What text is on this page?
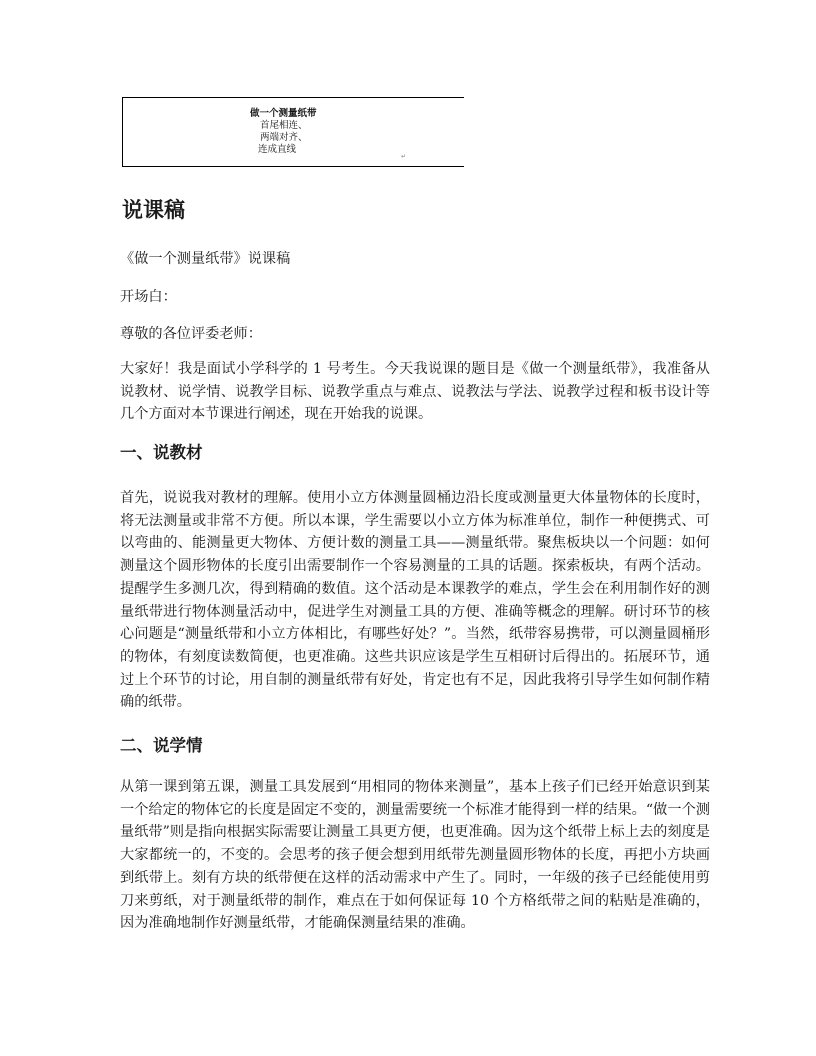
做一个测量纸带
首尾相连、
两端对齐、
连成直线
↵
说课稿

《做一个测量纸带》说课稿

开场白：

尊敬的各位评委老师：

大家好！我是面试小学科学的 1 号考生。今天我说课的题目是《做一个测量纸带》，我准备从说教材、说学情、说教学目标、说教学重点与难点、说教法与学法、说教学过程和板书设计等几个方面对本节课进行阐述，现在开始我的说课。

一、说教材

首先，说说我对教材的理解。使用小立方体测量圆桶边沿长度或测量更大体量物体的长度时，将无法测量或非常不方便。所以本课，学生需要以小立方体为标准单位，制作一种便携式、可以弯曲的、能测量更大物体、方便计数的测量工具——测量纸带。聚焦板块以一个问题：如何测量这个圆形物体的长度引出需要制作一个容易测量的工具的话题。探索板块，有两个活动。提醒学生多测几次，得到精确的数值。这个活动是本课教学的难点，学生会在利用制作好的测量纸带进行物体测量活动中，促进学生对测量工具的方便、准确等概念的理解。研讨环节的核心问题是“测量纸带和小立方体相比，有哪些好处？”。当然，纸带容易携带，可以测量圆桶形的物体，有刻度读数简便，也更准确。这些共识应该是学生互相研讨后得出的。拓展环节，通过上个环节的讨论，用自制的测量纸带有好处，肯定也有不足，因此我将引导学生如何制作精确的纸带。

二、说学情

从第一课到第五课，测量工具发展到“用相同的物体来测量”，基本上孩子们已经开始意识到某一个给定的物体它的长度是固定不变的，测量需要统一个标准才能得到一样的结果。“做一个测量纸带”则是指向根据实际需要让测量工具更方便，也更准确。因为这个纸带上标上去的刻度是大家都统一的，不变的。会思考的孩子便会想到用纸带先测量圆形物体的长度，再把小方块画到纸带上。刻有方块的纸带便在这样的活动需求中产生了。同时，一年级的孩子已经能使用剪刀来剪纸，对于测量纸带的制作，难点在于如何保证每 10 个方格纸带之间的粘贴是准确的，因为准确地制作好测量纸带，才能确保测量结果的准确。
